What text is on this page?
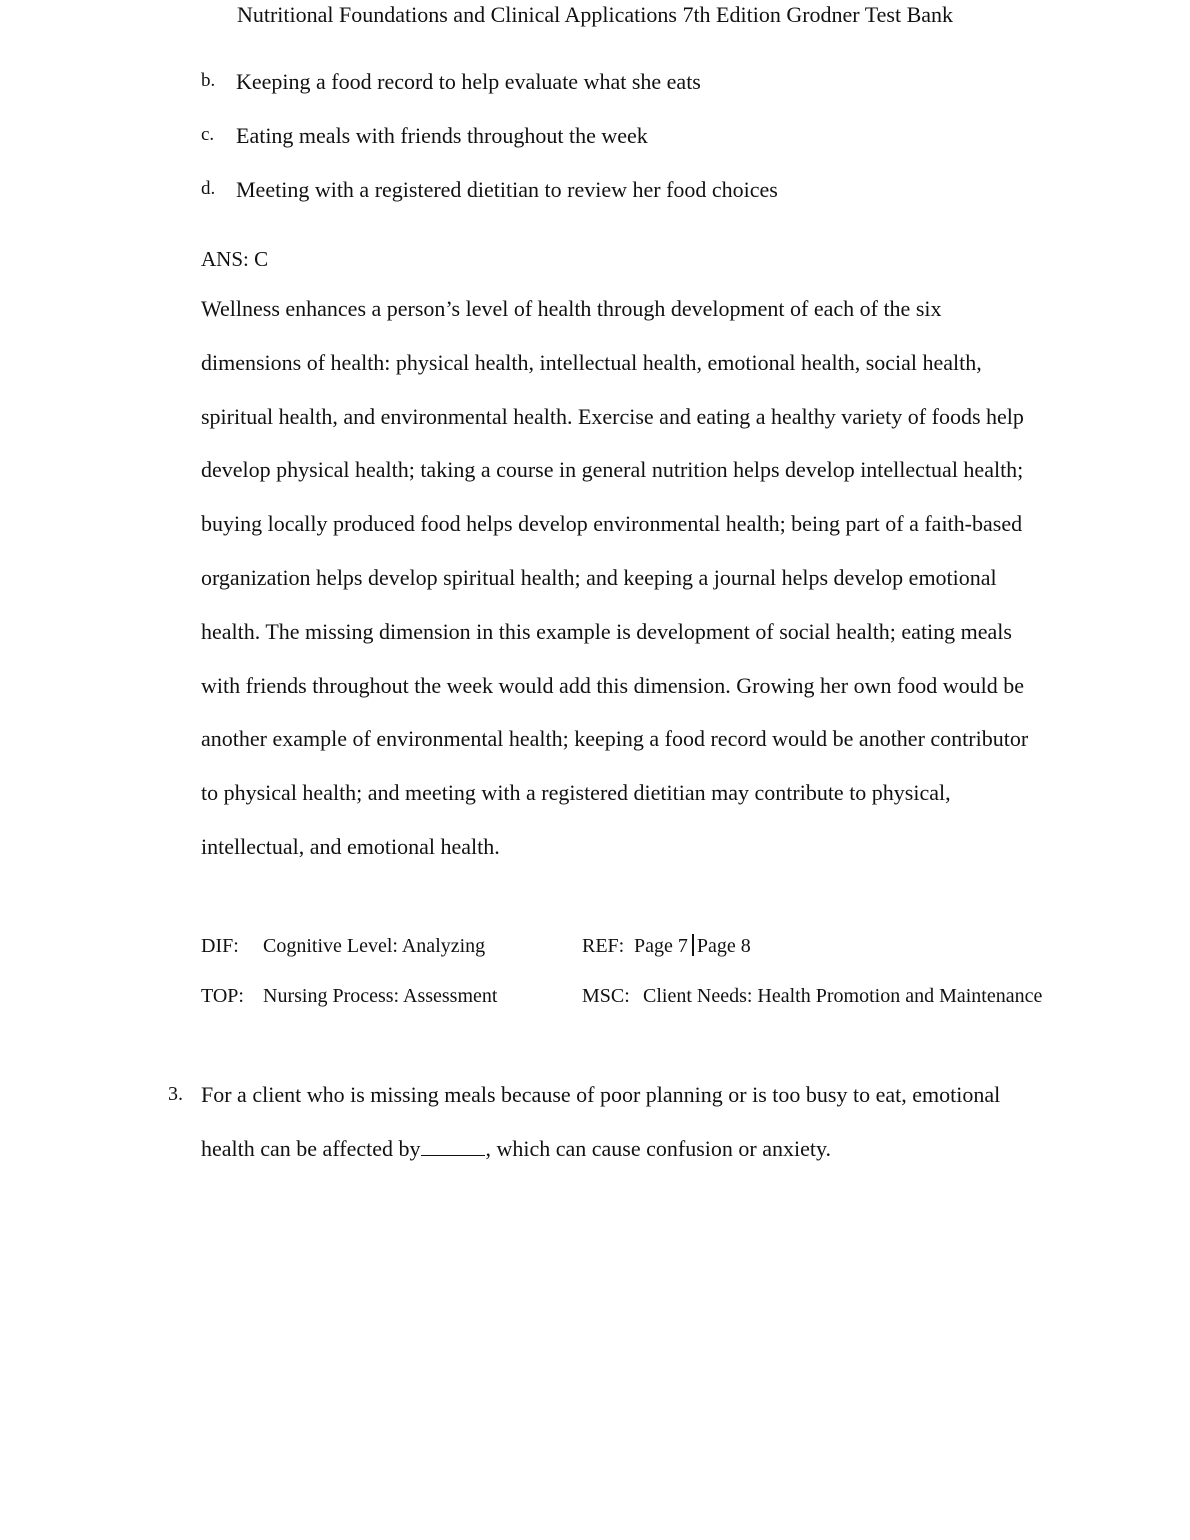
Nutritional Foundations and Clinical Applications 7th Edition Grodner Test Bank
b. Keeping a food record to help evaluate what she eats
c. Eating meals with friends throughout the week
d. Meeting with a registered dietitian to review her food choices
ANS: C
Wellness enhances a person’s level of health through development of each of the six
dimensions of health: physical health, intellectual health, emotional health, social health,
spiritual health, and environmental health. Exercise and eating a healthy variety of foods help
develop physical health; taking a course in general nutrition helps develop intellectual health;
buying locally produced food helps develop environmental health; being part of a faith-based
organization helps develop spiritual health; and keeping a journal helps develop emotional
health. The missing dimension in this example is development of social health; eating meals
with friends throughout the week would add this dimension. Growing her own food would be
another example of environmental health; keeping a food record would be another contributor
to physical health; and meeting with a registered dietitian may contribute to physical,
intellectual, and emotional health.
DIF: Cognitive Level: Analyzing	REF: Page 7 Page 8
TOP: Nursing Process: Assessment	MSC: Client Needs: Health Promotion and Maintenance
3. For a client who is missing meals because of poor planning or is too busy to eat, emotional
health can be affected by	, which can cause confusion or anxiety.
